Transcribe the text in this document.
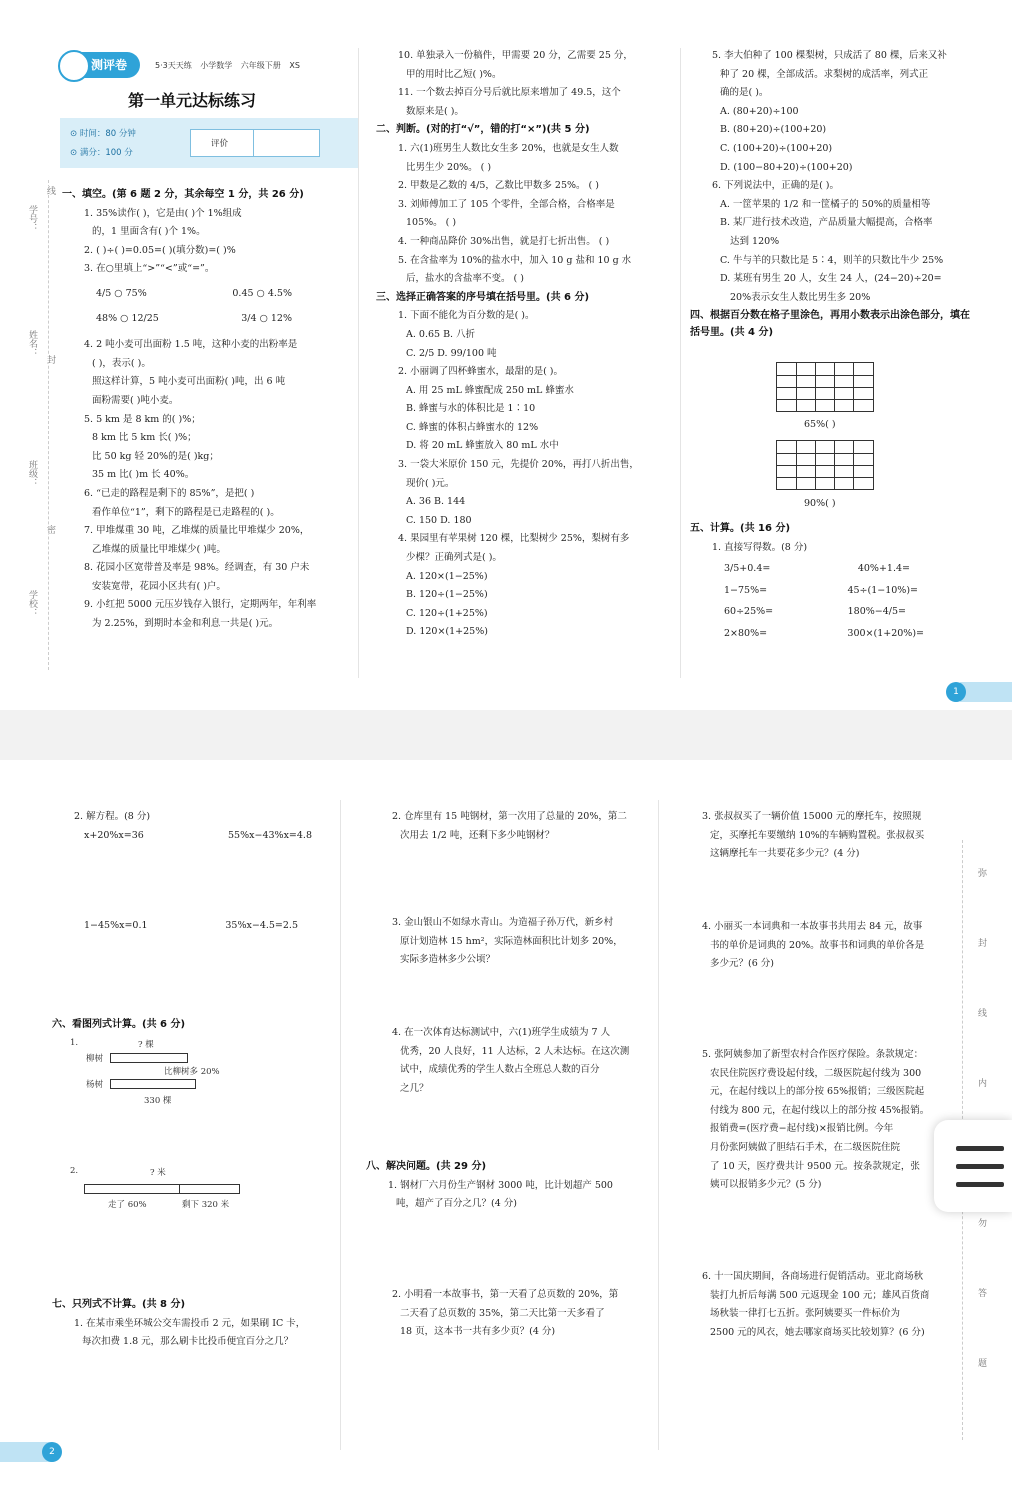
测评卷	5·3天天练 小学数学 六年级下册 XS
第一单元达标练习
⊙ 时间：80 分钟
⊙ 满分：100 分
评价
学号：
姓名：
班级：
学校：
线
封
密

一、填空。(第 6 题 2 分，其余每空 1 分，共 26 分)

1. 35%读作( )，它是由( )个 1%组成

的，1 里面含有( )个 1%。

2. ( )÷( )=0.05=( )(填分数)=( )%

3. 在○里填上“>”“<”或“=”。

4/5 ○ 75%	0.45 ○ 4.5%
48% ○ 12/25	3/4 ○ 12%

4. 2 吨小麦可出面粉 1.5 吨，这种小麦的出粉率是

( )，表示( )。

照这样计算，5 吨小麦可出面粉( )吨，出 6 吨

面粉需要( )吨小麦。

5. 5 km 是 8 km 的( )%；

8 km 比 5 km 长( )%；

比 50 kg 轻 20%的是( )kg；

35 m 比( )m 长 40%。

6. “已走的路程是剩下的 85%”，是把( )

看作单位“1”，剩下的路程是已走路程的( )。

7. 甲堆煤重 30 吨，乙堆煤的质量比甲堆煤少 20%，

乙堆煤的质量比甲堆煤少( )吨。

8. 花园小区宽带普及率是 98%。经调查，有 30 户未

安装宽带，花园小区共有( )户。

9. 小红把 5000 元压岁钱存入银行，定期两年，年利率

为 2.25%，到期时本金和利息一共是( )元。

10. 单独录入一份稿件，甲需要 20 分，乙需要 25 分，

甲的用时比乙短( )%。

11. 一个数去掉百分号后就比原来增加了 49.5，这个

数原来是( )。

二、判断。(对的打“√”，错的打“×”)(共 5 分)

1. 六(1)班男生人数比女生多 20%，也就是女生人数

比男生少 20%。 ( )

2. 甲数是乙数的 4/5，乙数比甲数多 25%。 ( )

3. 刘师傅加工了 105 个零件，全部合格，合格率是

105%。 ( )

4. 一种商品降价 30%出售，就是打七折出售。 ( )

5. 在含盐率为 10%的盐水中，加入 10 g 盐和 10 g 水

后，盐水的含盐率不变。 ( )

三、选择正确答案的序号填在括号里。(共 6 分)

1. 下面不能化为百分数的是( )。

A. 0.65 B. 八折

C. 2/5 D. 99/100 吨

2. 小丽调了四杯蜂蜜水，最甜的是( )。

A. 用 25 mL 蜂蜜配成 250 mL 蜂蜜水

B. 蜂蜜与水的体积比是 1∶10

C. 蜂蜜的体积占蜂蜜水的 12%

D. 将 20 mL 蜂蜜放入 80 mL 水中

3. 一袋大米原价 150 元，先提价 20%，再打八折出售，

现价( )元。

A. 36 B. 144

C. 150 D. 180

4. 果园里有苹果树 120 棵，比梨树少 25%，梨树有多

少棵？正确列式是( )。

A. 120×(1−25%)

B. 120÷(1−25%)

C. 120÷(1+25%)

D. 120×(1+25%)

5. 李大伯种了 100 棵梨树，只成活了 80 棵，后来又补

种了 20 棵，全部成活。求梨树的成活率，列式正

确的是( )。

A. (80+20)÷100

B. (80+20)÷(100+20)

C. (100+20)÷(100+20)

D. (100−80+20)÷(100+20)

6. 下列说法中，正确的是( )。

A. 一筐苹果的 1/2 和一筐橘子的 50%的质量相等

B. 某厂进行技术改造，产品质量大幅提高，合格率

达到 120%

C. 牛与羊的只数比是 5∶4，则羊的只数比牛少 25%

D. 某班有男生 20 人，女生 24 人，(24−20)÷20=

20%表示女生人数比男生多 20%

四、根据百分数在格子里涂色，再用小数表示出涂色部分，填在括号里。(共 4 分)

65%( )
90%( )

五、计算。(共 16 分)

1. 直接写得数。(8 分)

3/5+0.4=	40%+1.4=
1−75%=	45÷(1−10%)=
60÷25%=	180%−4/5=
2×80%=	300×(1+20%)=
1

2. 解方程。(8 分)

x+20%x=36	55%x−43%x=4.8
1−45%x=0.1	35%x−4.5=2.5

六、看图列式计算。(共 6 分)

1.	? 棵
柳树
比柳树多 20%
杨树
330 棵
2.	? 米
走了 60%	剩下 320 米

七、只列式不计算。(共 8 分)

1. 在某市乘坐环城公交车需投币 2 元，如果刷 IC 卡，

每次扣费 1.8 元，那么刷卡比投币便宜百分之几？

2. 仓库里有 15 吨钢材，第一次用了总量的 20%，第二

次用去 1/2 吨，还剩下多少吨钢材？

3. 金山银山不如绿水青山。为造福子孙万代，新乡村

原计划造林 15 hm²，实际造林面积比计划多 20%，

实际多造林多少公顷？

4. 在一次体育达标测试中，六(1)班学生成绩为 7 人

优秀，20 人良好，11 人达标，2 人未达标。在这次测

试中，成绩优秀的学生人数占全班总人数的百分

之几？

八、解决问题。(共 29 分)

1. 钢材厂六月份生产钢材 3000 吨，比计划超产 500

吨，超产了百分之几？(4 分)

2. 小明看一本故事书，第一天看了总页数的 20%，第

二天看了总页数的 35%，第二天比第一天多看了

18 页，这本书一共有多少页？(4 分)

3. 张叔叔买了一辆价值 15000 元的摩托车，按照规

定，买摩托车要缴纳 10%的车辆购置税。张叔叔买

这辆摩托车一共要花多少元？(4 分)

4. 小丽买一本词典和一本故事书共用去 84 元，故事

书的单价是词典的 20%。故事书和词典的单价各是

多少元？(6 分)

5. 张阿姨参加了新型农村合作医疗保险。条款规定：

农民住院医疗费设起付线，二级医院起付线为 300

元，在起付线以上的部分按 65%报销；三级医院起

付线为 800 元，在起付线以上的部分按 45%报销。

报销费=(医疗费−起付线)×报销比例。今年

月份张阿姨做了胆结石手术，在二级医院住院

了 10 天，医疗费共计 9500 元。按条款规定，张

姨可以报销多少元？(5 分)

6. 十一国庆期间，各商场进行促销活动。亚北商场秋

装打九折后每满 500 元返现金 100 元；雄风百货商

场秋装一律打七五折。张阿姨要买一件标价为

2500 元的风衣，她去哪家商场买比较划算？(6 分)

弥
封
线
内
勿
答
题
2
